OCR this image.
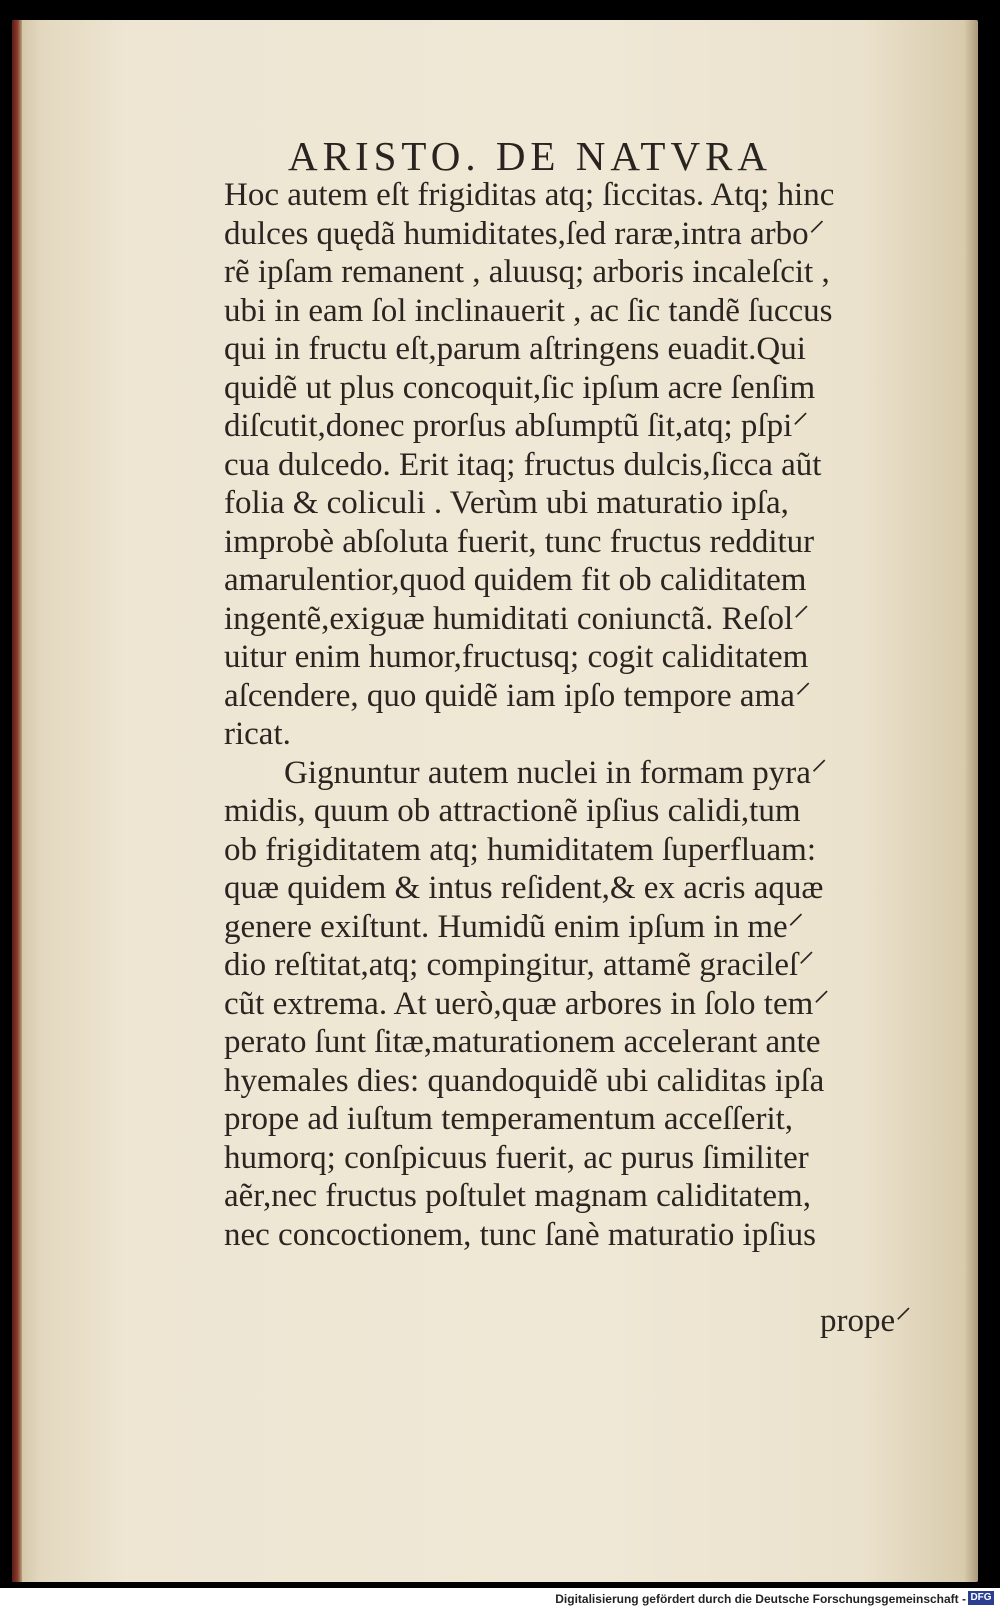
ARISTO. DE NATVRA
Hoc autem eſt frigiditas atq; ſiccitas. Atq; hinc
dulces quędã humiditates,ſed raræ,intra arbo⸍
rẽ ipſam remanent , aluusq; arboris incaleſcit ,
ubi in eam ſol inclinauerit , ac ſic tandẽ ſuccus
qui in fructu eſt,parum aſtringens euadit.Qui
quidẽ ut plus concoquit,ſic ipſum acre ſenſim
diſcutit,donec prorſus abſumptũ ſit,atq; pſpi⸍
cua dulcedo. Erit itaq; fructus dulcis,ſicca aũt
folia & coliculi . Verùm ubi maturatio ipſa,
improbè abſoluta fuerit, tunc fructus redditur
amarulentior,quod quidem fit ob caliditatem
ingentẽ,exiguæ humiditati coniunctã. Reſol⸍
uitur enim humor,fructusq; cogit caliditatem
aſcendere, quo quidẽ iam ipſo tempore ama⸍
ricat.
Gignuntur autem nuclei in formam pyra⸍
midis, quum ob attractionẽ ipſius calidi,tum
ob frigiditatem atq; humiditatem ſuperfluam:
quæ quidem & intus reſident,& ex acris aquæ
genere exiſtunt. Humidũ enim ipſum in me⸍
dio reſtitat,atq; compingitur, attamẽ gracileſ⸍
cũt extrema. At uerò,quæ arbores in ſolo tem⸍
perato ſunt ſitæ,maturationem accelerant ante
hyemales dies: quandoquidẽ ubi caliditas ipſa
prope ad iuſtum temperamentum acceſſerit,
humorq; conſpicuus fuerit, ac purus ſimiliter
aẽr,nec fructus poſtulet magnam caliditatem,
nec concoctionem, tunc ſanè maturatio ipſius
prope⸍
Digitalisierung gefördert durch die Deutsche Forschungsgemeinschaft - DFG
